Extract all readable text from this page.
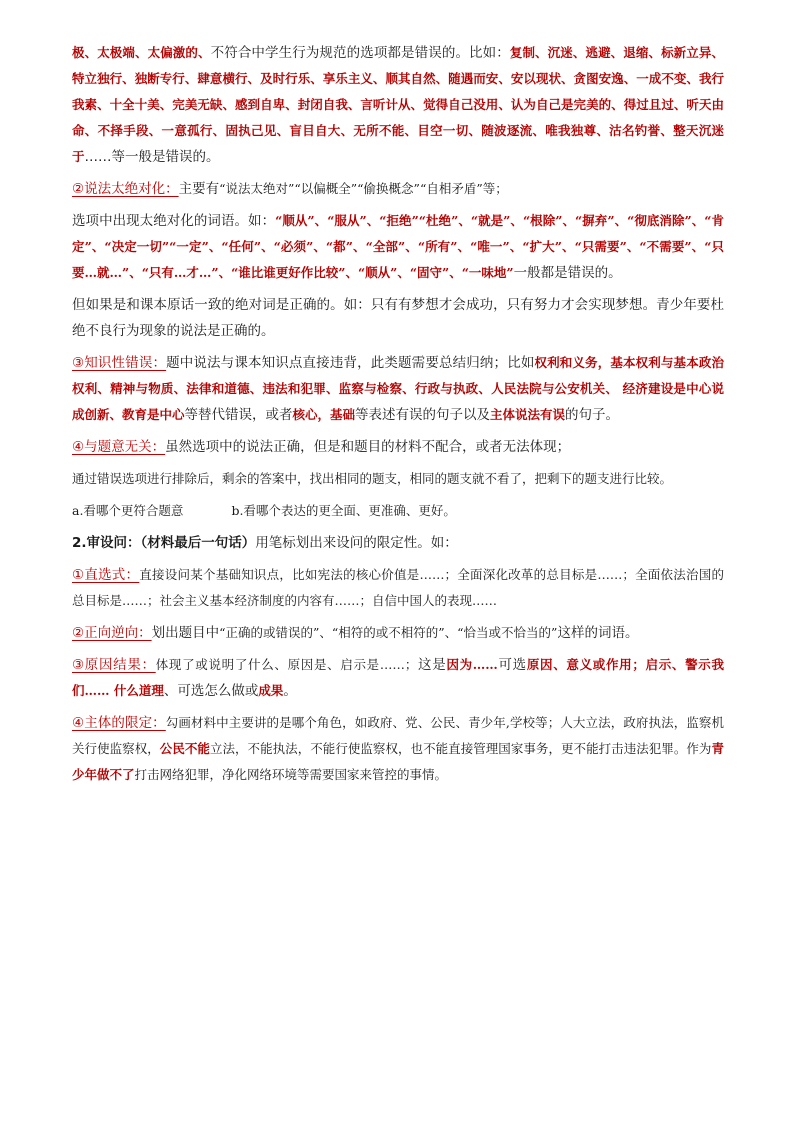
极、太极端、太偏激的、不符合中学生行为规范的选项都是错误的。比如：复制、沉迷、逃避、退缩、标新立异、特立独行、独断专行、肆意横行、及时行乐、享乐主义、顺其自然、随遇而安、安以现状、贪图安逸、一成不变、我行我素、十全十美、完美无缺、感到自卑、封闭自我、言听计从、觉得自己没用、认为自己是完美的、得过且过、听天由命、不择手段、一意孤行、固执己见、盲目自大、无所不能、目空一切、随波逐流、唯我独尊、沽名钓誉、整天沉迷于……等一般是错误的。

②说法太绝对化：主要有“说法太绝对”“以偏概全”“偷换概念”“自相矛盾”等；

选项中出现太绝对化的词语。如：“顺从”、“服从”、“拒绝”“杜绝”、“就是”、“根除”、“摒弃”、“彻底消除”、“肯定”、“决定一切”“一定”、“任何”、“必须”、“都”、“全部”、“所有”、“唯一”、“扩大”、“只需要”、“不需要”、“只要…就…”、“只有…才…”、“谁比谁更好作比较”、“顺从”、“固守”、“一味地”一般都是错误的。

但如果是和课本原话一致的绝对词是正确的。如：只有有梦想才会成功，只有努力才会实现梦想。青少年要杜绝不良行为现象的说法是正确的。

③知识性错误：题中说法与课本知识点直接违背，此类题需要总结归纳；比如权利和义务，基本权利与基本政治权利、精神与物质、法律和道德、违法和犯罪、监察与检察、行政与执政、人民法院与公安机关、 经济建设是中心说成创新、教育是中心等替代错误，或者核心，基础等表述有误的句子以及主体说法有误的句子。

④与题意无关：虽然选项中的说法正确，但是和题目的材料不配合，或者无法体现；

通过错误选项进行排除后，剩余的答案中，找出相同的题支，相同的题支就不看了，把剩下的题支进行比较。

a.看哪个更符合题意	b.看哪个表达的更全面、更准确、更好。

2.审设问：（材料最后一句话）用笔标划出来设问的限定性。如：

①直选式：直接设问某个基础知识点，比如宪法的核心价值是……；全面深化改革的总目标是……；全面依法治国的总目标是……；社会主义基本经济制度的内容有……；自信中国人的表现……

②正向逆向：划出题目中“正确的或错误的”、“相符的或不相符的”、“恰当或不恰当的”这样的词语。

③原因结果：体现了或说明了什么、原因是、启示是……；这是因为……可选原因、意义或作用；启示、警示我们…… 什么道理、可选怎么做或成果。

④主体的限定：勾画材料中主要讲的是哪个角色，如政府、党、公民、青少年,学校等；人大立法，政府执法，监察机关行使监察权，公民不能立法，不能执法，不能行使监察权，也不能直接管理国家事务，更不能打击违法犯罪。作为青少年做不了打击网络犯罪，净化网络环境等需要国家来管控的事情。
